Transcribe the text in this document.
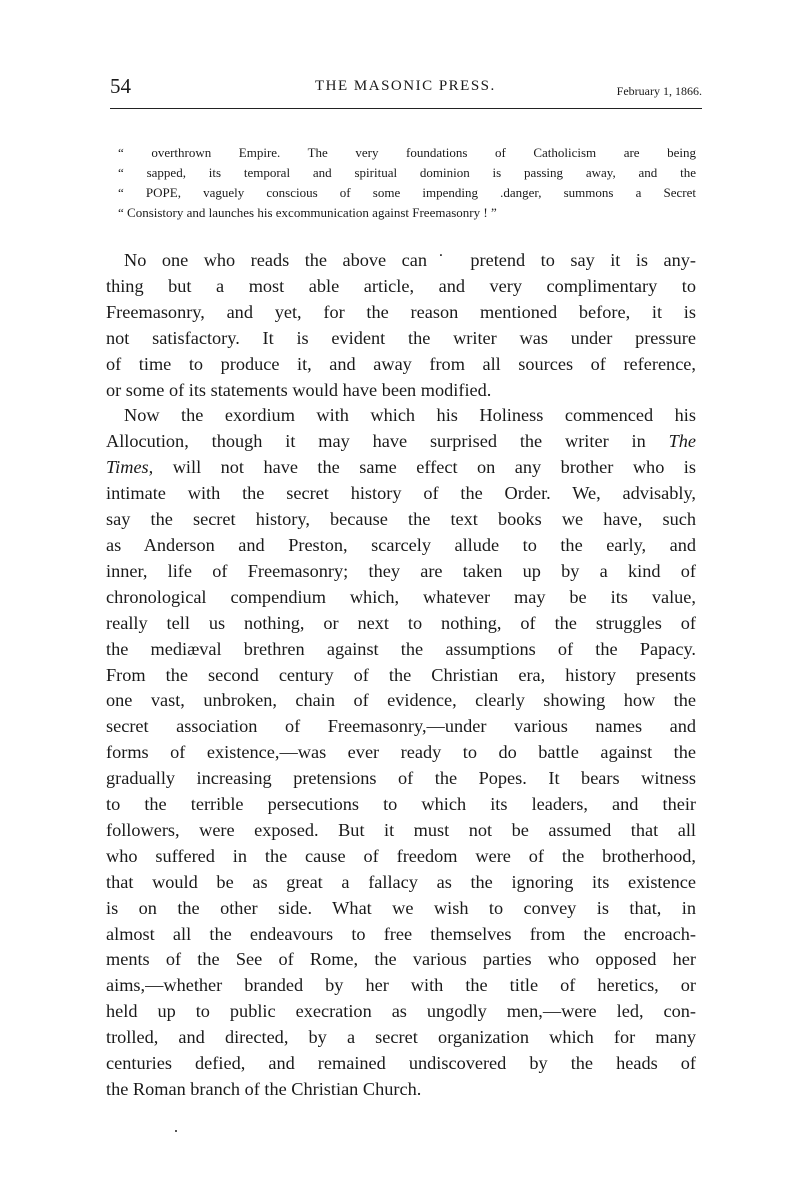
54	THE MASONIC PRESS.	February 1, 1866.
“ overthrown Empire. The very foundations of Catholicism are being
“ sapped, its temporal and spiritual dominion is passing away, and the
“ POPE, vaguely conscious of some impending .danger, summons a Secret
“ Consistory and launches his excommunication against Freemasonry ! ”
No one who reads the above can˙ pretend to say it is any-
thing but a most able article, and very complimentary to
Freemasonry, and yet, for the reason mentioned before, it is
not satisfactory. It is evident the writer was under pressure
of time to produce it, and away from all sources of reference,
or some of its statements would have been modified.
Now the exordium with which his Holiness commenced his
Allocution, though it may have surprised the writer in The
Times, will not have the same effect on any brother who is
intimate with the secret history of the Order. We, advisably,
say the secret history, because the text books we have, such
as Anderson and Preston, scarcely allude to the early, and
inner, life of Freemasonry; they are taken up by a kind of
chronological compendium which, whatever may be its value,
really tell us nothing, or next to nothing, of the struggles of
the mediæval brethren against the assumptions of the Papacy.
From the second century of the Christian era, history presents
one vast, unbroken, chain of evidence, clearly showing how the
secret association of Freemasonry,—under various names and
forms of existence,—was ever ready to do battle against the
gradually increasing pretensions of the Popes. It bears witness
to the terrible persecutions to which its leaders, and their
followers, were exposed. But it must not be assumed that all
who suffered in the cause of freedom were of the brotherhood,
that would be as great a fallacy as the ignoring its existence
is on the other side. What we wish to convey is that, in
almost all the endeavours to free themselves from the encroach-
ments of the See of Rome, the various parties who opposed her
aims,—whether branded by her with the title of heretics, or
held up to public execration as ungodly men,—were led, con-
trolled, and directed, by a secret organization which for many
centuries defied, and remained undiscovered by the heads of
the Roman branch of the Christian Church.
